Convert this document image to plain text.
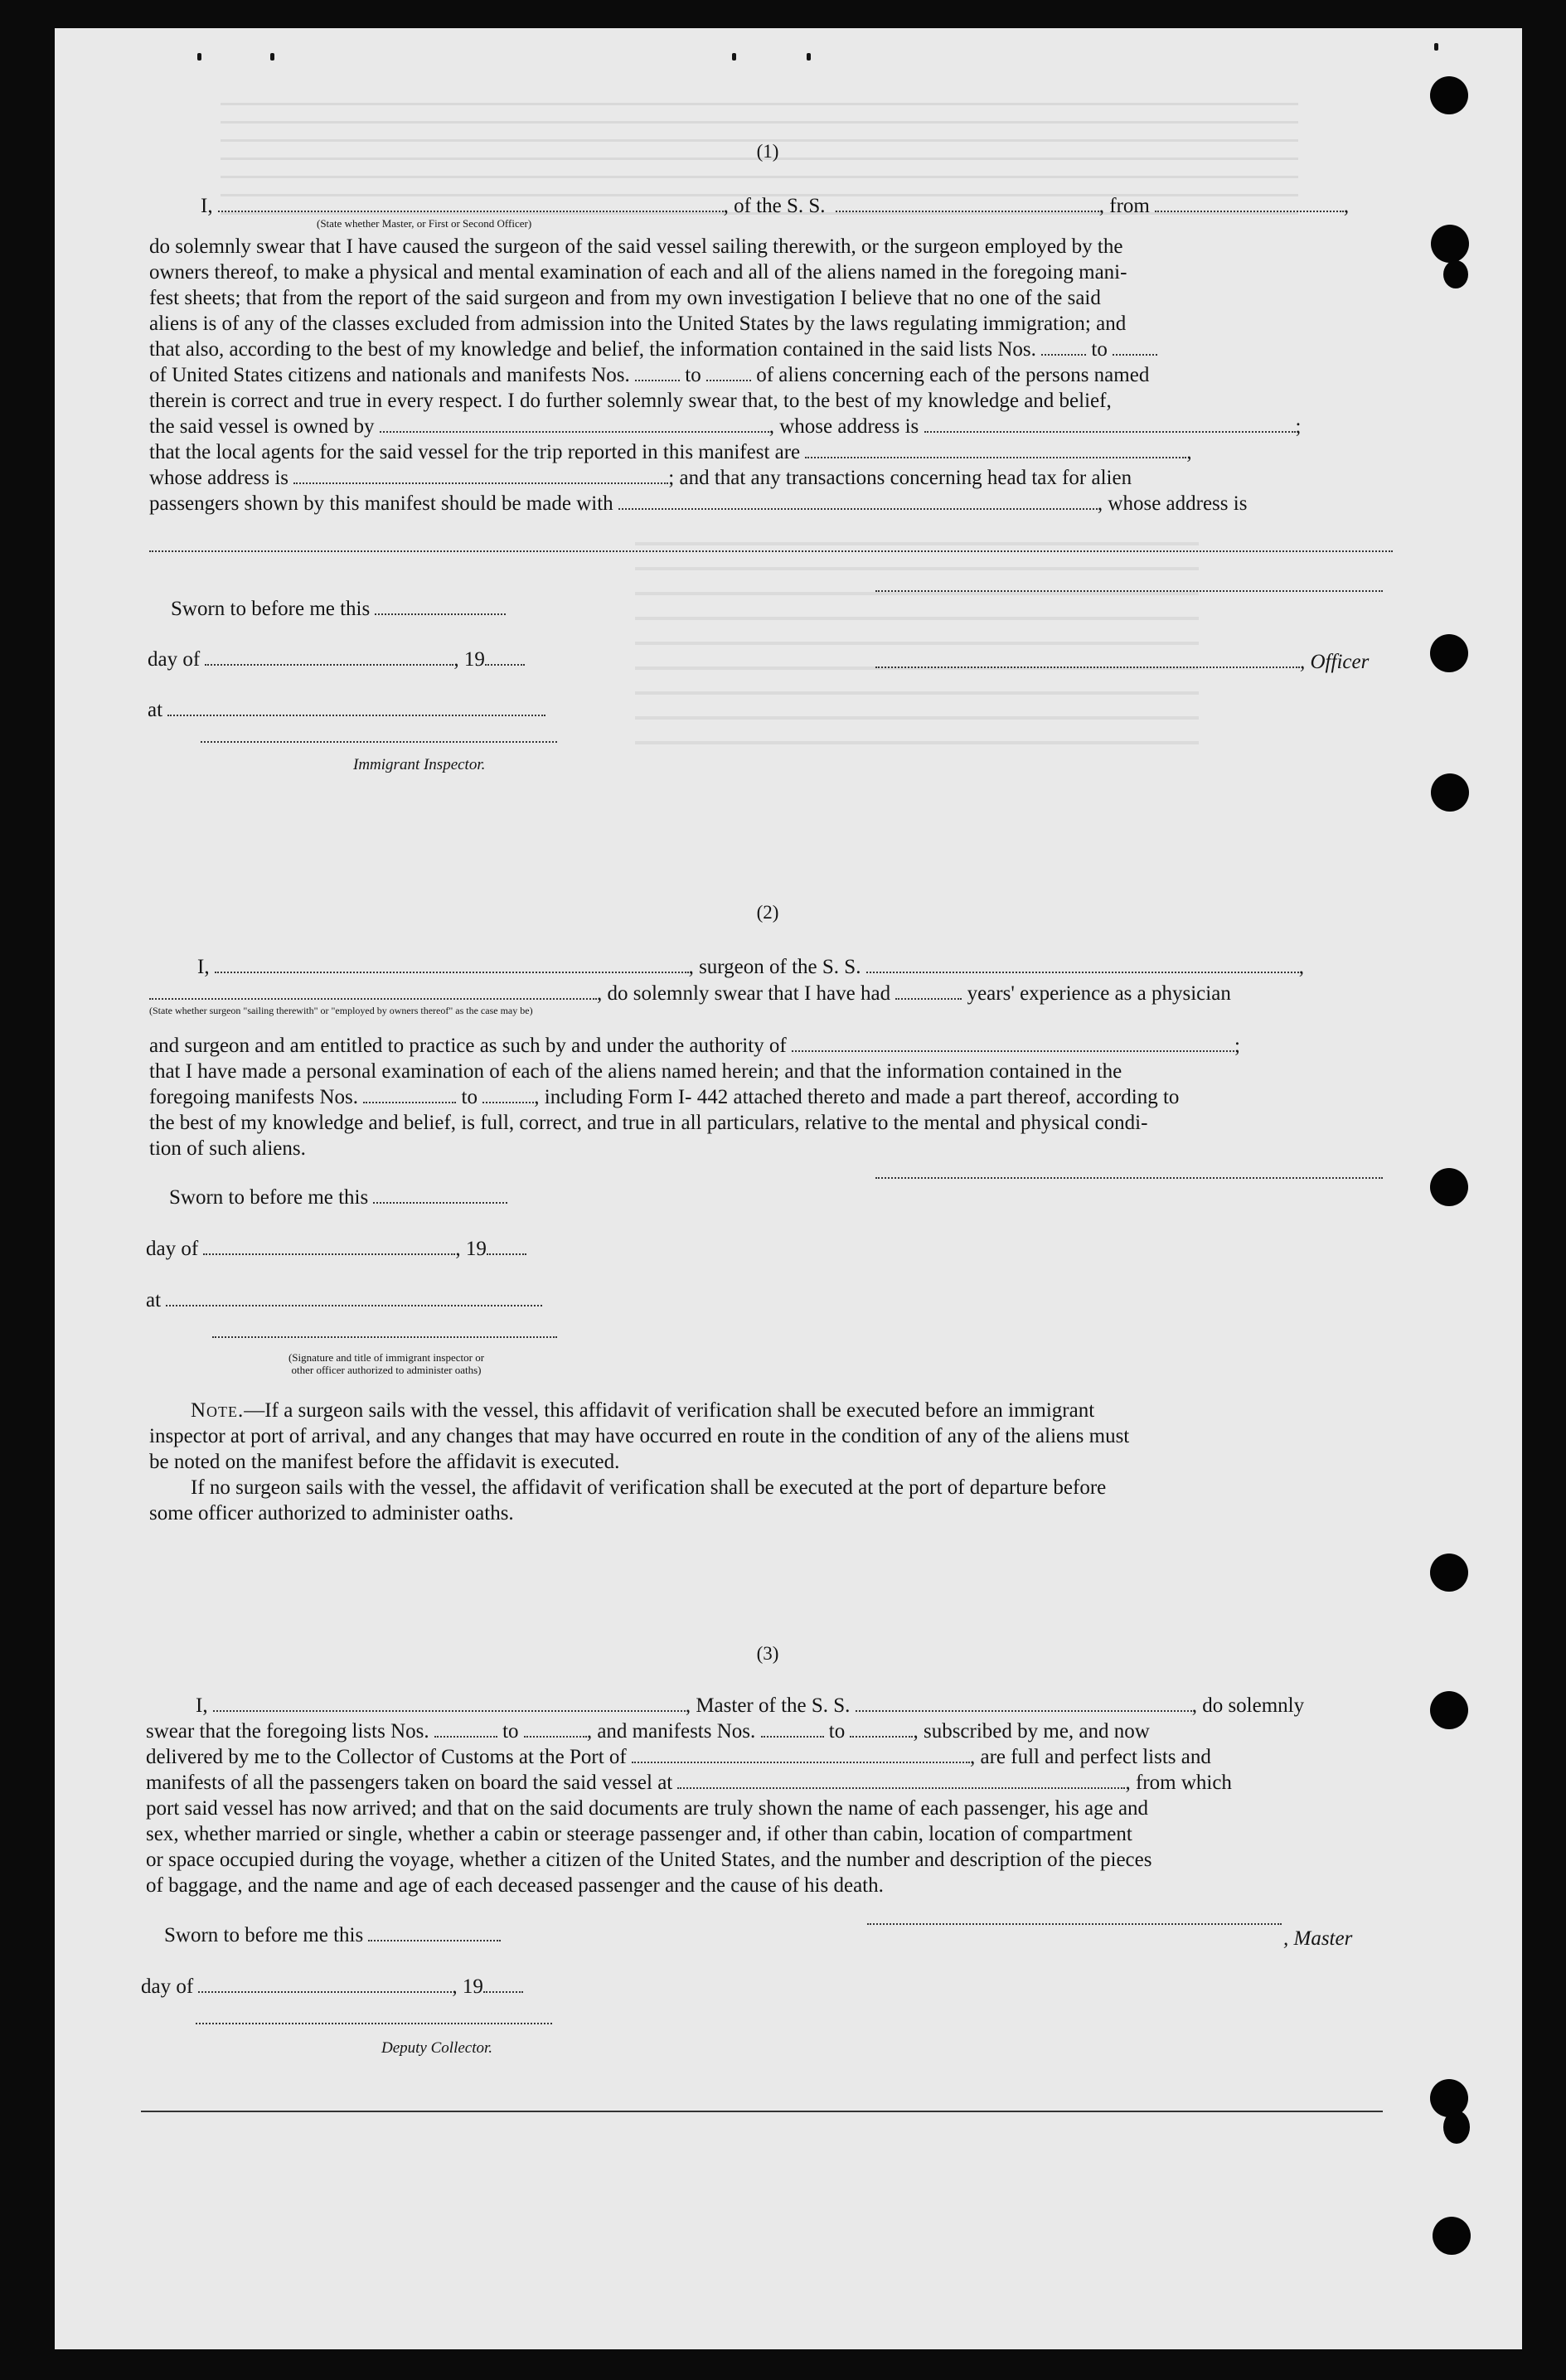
(1)
I,	, of the S. S.	, from	,
(State whether Master, or First or Second Officer)
do solemnly swear that I have caused the surgeon of the said vessel sailing therewith, or the surgeon employed by the
owners thereof, to make a physical and mental examination of each and all of the aliens named in the foregoing mani-
fest sheets; that from the report of the said surgeon and from my own investigation I believe that no one of the said
aliens is of any of the classes excluded from admission into the United States by the laws regulating immigration; and
that also, according to the best of my knowledge and belief, the information contained in the said lists Nos.	to
of United States citizens and nationals and manifests Nos.	to	of aliens concerning each of the persons named
therein is correct and true in every respect. I do further solemnly swear that, to the best of my knowledge and belief,
the said vessel is owned by	, whose address is	;
that the local agents for the said vessel for the trip reported in this manifest are	,
whose address is	; and that any transactions concerning head tax for alien
passengers shown by this manifest should be made with	, whose address is
Sworn to before me this
day of	, 19
at
Immigrant Inspector.
, Officer
(2)
I,	, surgeon of the S. S.	,
, do solemnly swear that I have had	years' experience as a physician
(State whether surgeon "sailing therewith" or "employed by owners thereof" as the case may be)
and surgeon and am entitled to practice as such by and under the authority of	;
that I have made a personal examination of each of the aliens named herein; and that the information contained in the
foregoing manifests Nos.	to	, including Form I- 442 attached thereto and made a part thereof, according to
the best of my knowledge and belief, is full, correct, and true in all particulars, relative to the mental and physical condi-
tion of such aliens.
Sworn to before me this
day of	, 19
at
(Signature and title of immigrant inspector or
other officer authorized to administer oaths)
Note.—If a surgeon sails with the vessel, this affidavit of verification shall be executed before an immigrant
inspector at port of arrival, and any changes that may have occurred en route in the condition of any of the aliens must
be noted on the manifest before the affidavit is executed.
If no surgeon sails with the vessel, the affidavit of verification shall be executed at the port of departure before
some officer authorized to administer oaths.
(3)
I,	, Master of the S. S.	, do solemnly
swear that the foregoing lists Nos.	to	, and manifests Nos.	to	, subscribed by me, and now
delivered by me to the Collector of Customs at the Port of	, are full and perfect lists and
manifests of all the passengers taken on board the said vessel at	, from which
port said vessel has now arrived; and that on the said documents are truly shown the name of each passenger, his age and
sex, whether married or single, whether a cabin or steerage passenger and, if other than cabin, location of compartment
or space occupied during the voyage, whether a citizen of the United States, and the number and description of the pieces
of baggage, and the name and age of each deceased passenger and the cause of his death.
Sworn to before me this	, Master
day of	, 19
Deputy Collector.
